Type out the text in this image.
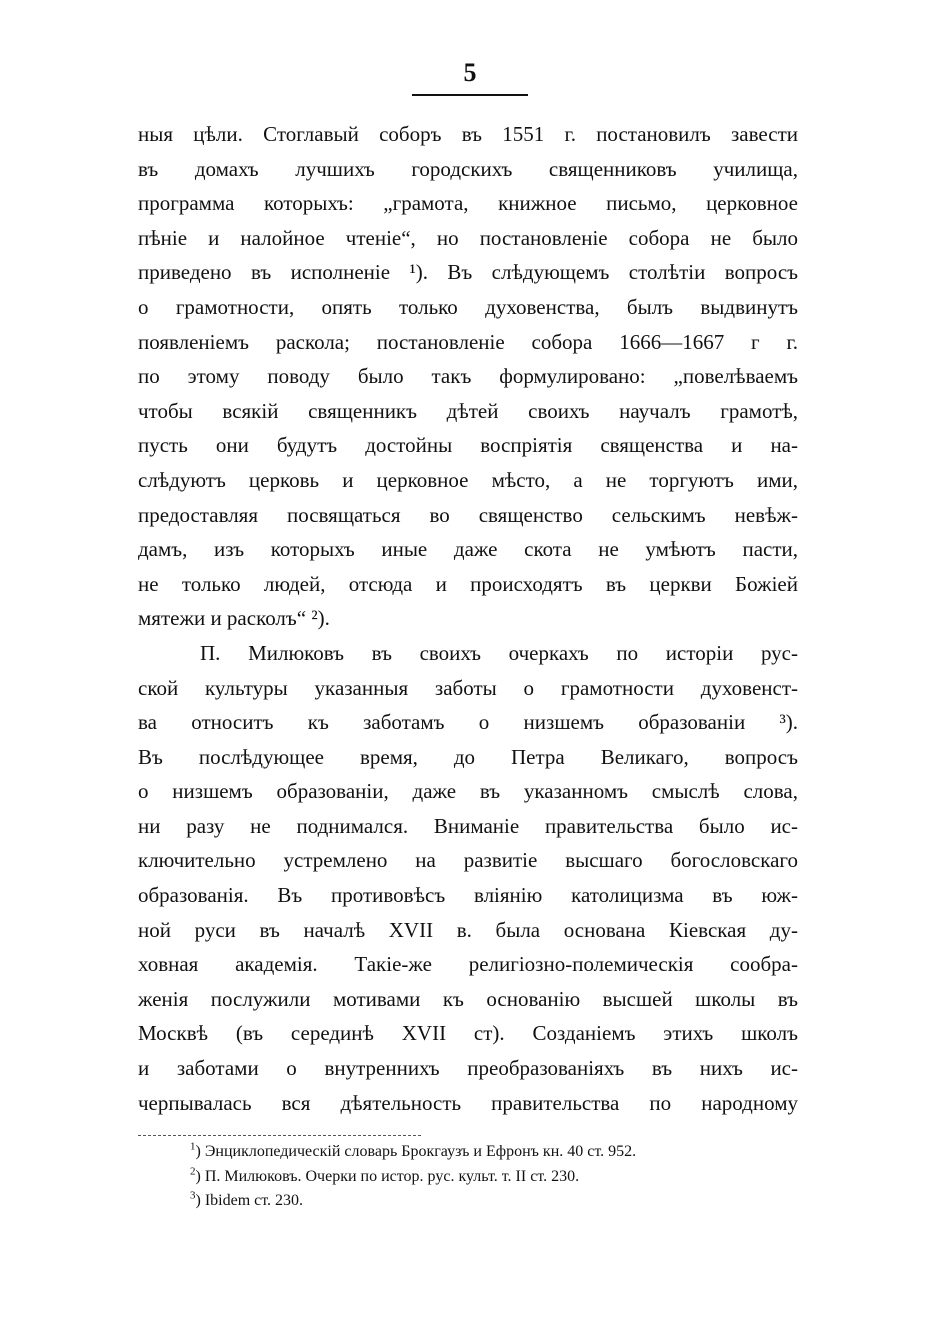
5
ныя цѣли. Стоглавый соборъ въ 1551 г. постановилъ завести
въ домахъ лучшихъ городскихъ священниковъ училища,
программа которыхъ: „грамота, книжное письмо, церковное
пѣніе и налойное чтеніе“, но постановленіе собора не было
приведено въ исполненіе ¹). Въ слѣдующемъ столѣтіи вопросъ
о грамотности, опять только духовенства, былъ выдвинутъ
появленіемъ раскола; постановленіе собора 1666—1667 г г.
по этому поводу было такъ формулировано: „повелѣваемъ
чтобы всякій священникъ дѣтей своихъ научалъ грамотѣ,
пусть они будутъ достойны воспріятія священства и на-
слѣдуютъ церковь и церковное мѣсто, а не торгуютъ ими,
предоставляя посвящаться во священство сельскимъ невѣж-
дамъ, изъ которыхъ иные даже скота не умѣютъ пасти,
не только людей, отсюда и происходятъ въ церкви Божіей
мятежи и расколъ“ ²).
П. Милюковъ въ своихъ очеркахъ по исторіи рус-
ской культуры указанныя заботы о грамотности духовенст-
ва относитъ къ заботамъ о низшемъ образованіи ³).
Въ послѣдующее время, до Петра Великаго, вопросъ
о низшемъ образованіи, даже въ указанномъ смыслѣ слова,
ни разу не поднимался. Вниманіе правительства было ис-
ключительно устремлено на развитіе высшаго богословскаго
образованія. Въ противовѣсъ вліянію католицизма въ юж-
ной руси въ началѣ XVII в. была основана Кіевская ду-
ховная академія. Такіе-же религіозно-полемическія сообра-
женія послужили мотивами къ основанію высшей школы въ
Москвѣ (въ серединѣ XVII ст). Созданіемъ этихъ школъ
и заботами о внутреннихъ преобразованіяхъ въ нихъ ис-
черпывалась вся дѣятельность правительства по народному
$^1$) Энциклопедическій словарь Брокгаузъ и Ефронъ кн. 40 ст. 952.
$^2$) П. Милюковъ. Очерки по истор. рус. культ. т. II ст. 230.
$^3$) Ibidem ст. 230.
